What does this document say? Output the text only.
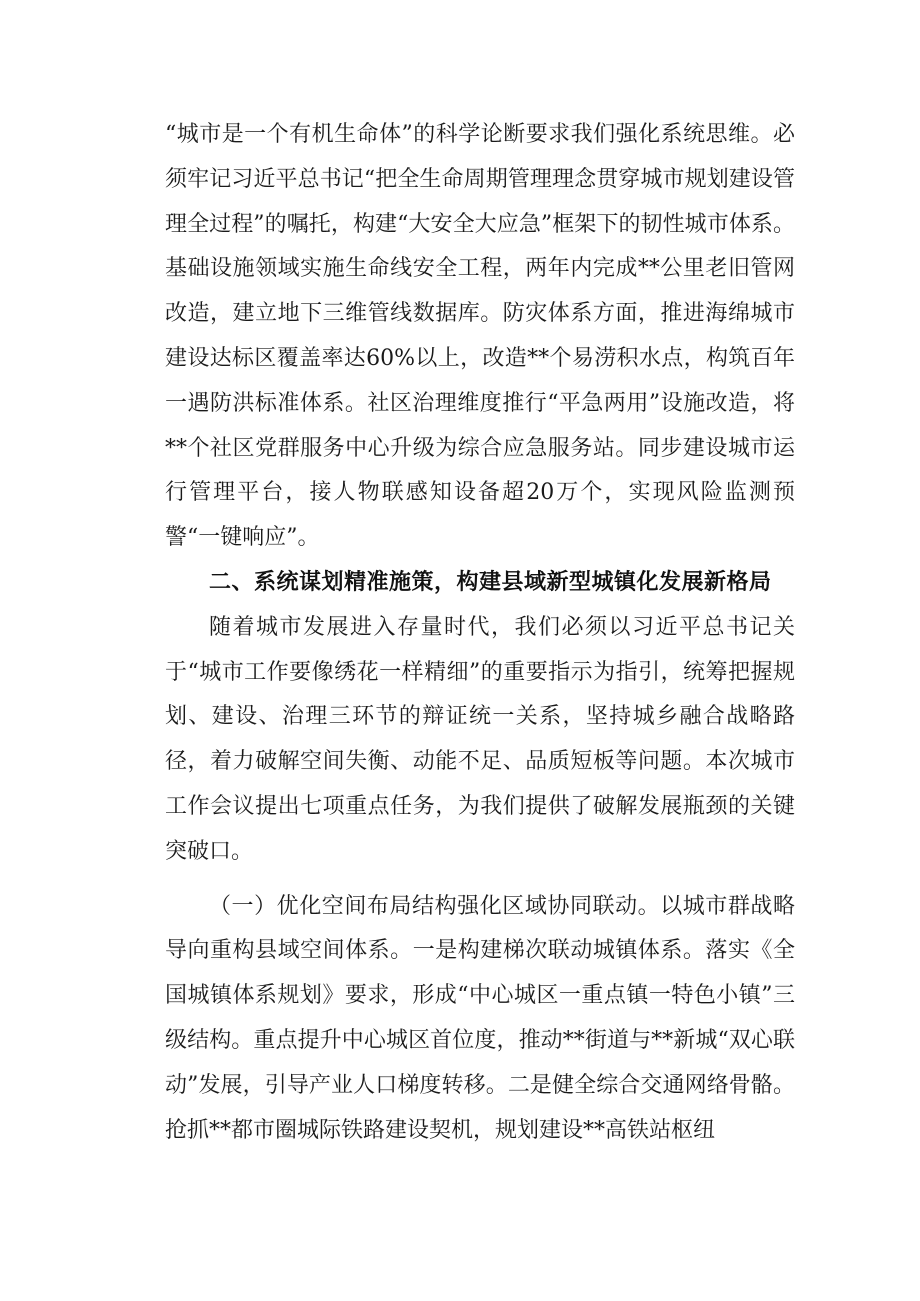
“城市是一个有机生命体”的科学论断要求我们强化系统思维。必须牢记习近平总书记“把全生命周期管理理念贯穿城市规划建设管理全过程”的嘱托，构建“大安全大应急”框架下的韧性城市体系。基础设施领域实施生命线安全工程，两年内完成**公里老旧管网改造，建立地下三维管线数据库。防灾体系方面，推进海绵城市建设达标区覆盖率达60%以上，改造**个易涝积水点，构筑百年一遇防洪标准体系。社区治理维度推行“平急两用”设施改造，将**个社区党群服务中心升级为综合应急服务站。同步建设城市运行管理平台，接人物联感知设备超20万个，实现风险监测预警“一键响应”。

二、系统谋划精准施策，构建县域新型城镇化发展新格局

随着城市发展进入存量时代，我们必须以习近平总书记关于“城市工作要像绣花一样精细”的重要指示为指引，统筹把握规划、建设、治理三环节的辩证统一关系，坚持城乡融合战略路径，着力破解空间失衡、动能不足、品质短板等问题。本次城市工作会议提出七项重点任务，为我们提供了破解发展瓶颈的关键突破口。

（一）优化空间布局结构强化区域协同联动。以城市群战略导向重构县域空间体系。一是构建梯次联动城镇体系。落实《全国城镇体系规划》要求，形成“中心城区一重点镇一特色小镇”三级结构。重点提升中心城区首位度，推动**街道与**新城“双心联动”发展，引导产业人口梯度转移。二是健全综合交通网络骨骼。抢抓**都市圈城际铁路建设契机，规划建设**高铁站枢纽
